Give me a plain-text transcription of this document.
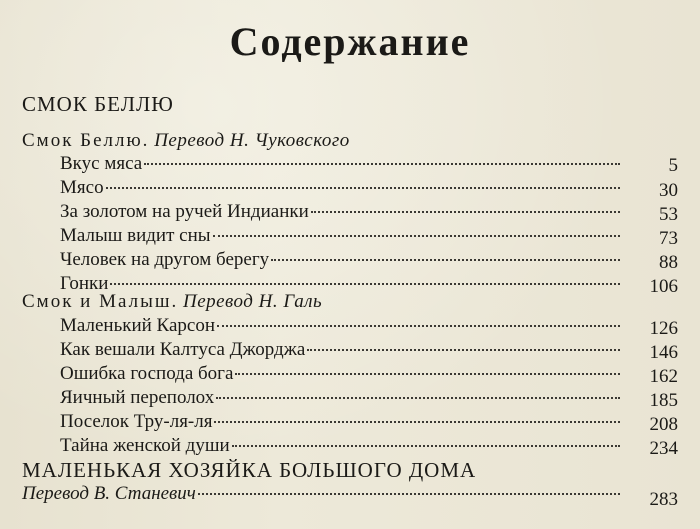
Содержание
СМОК БЕЛЛЮ
Смок Беллю. Перевод Н. Чуковского
Вкус мяса	5
Мясо	30
За золотом на ручей Индианки	53
Малыш видит сны	73
Человек на другом берегу	88
Гонки	106
Смок и Малыш. Перевод Н. Галь
Маленький Карсон	126
Как вешали Калтуса Джорджа	146
Ошибка господа бога	162
Яичный переполох	185
Поселок Тру-ля-ля	208
Тайна женской души	234
МАЛЕНЬКАЯ ХОЗЯЙКА БОЛЬШОГО ДОМА
Перевод В. Станевич	283
